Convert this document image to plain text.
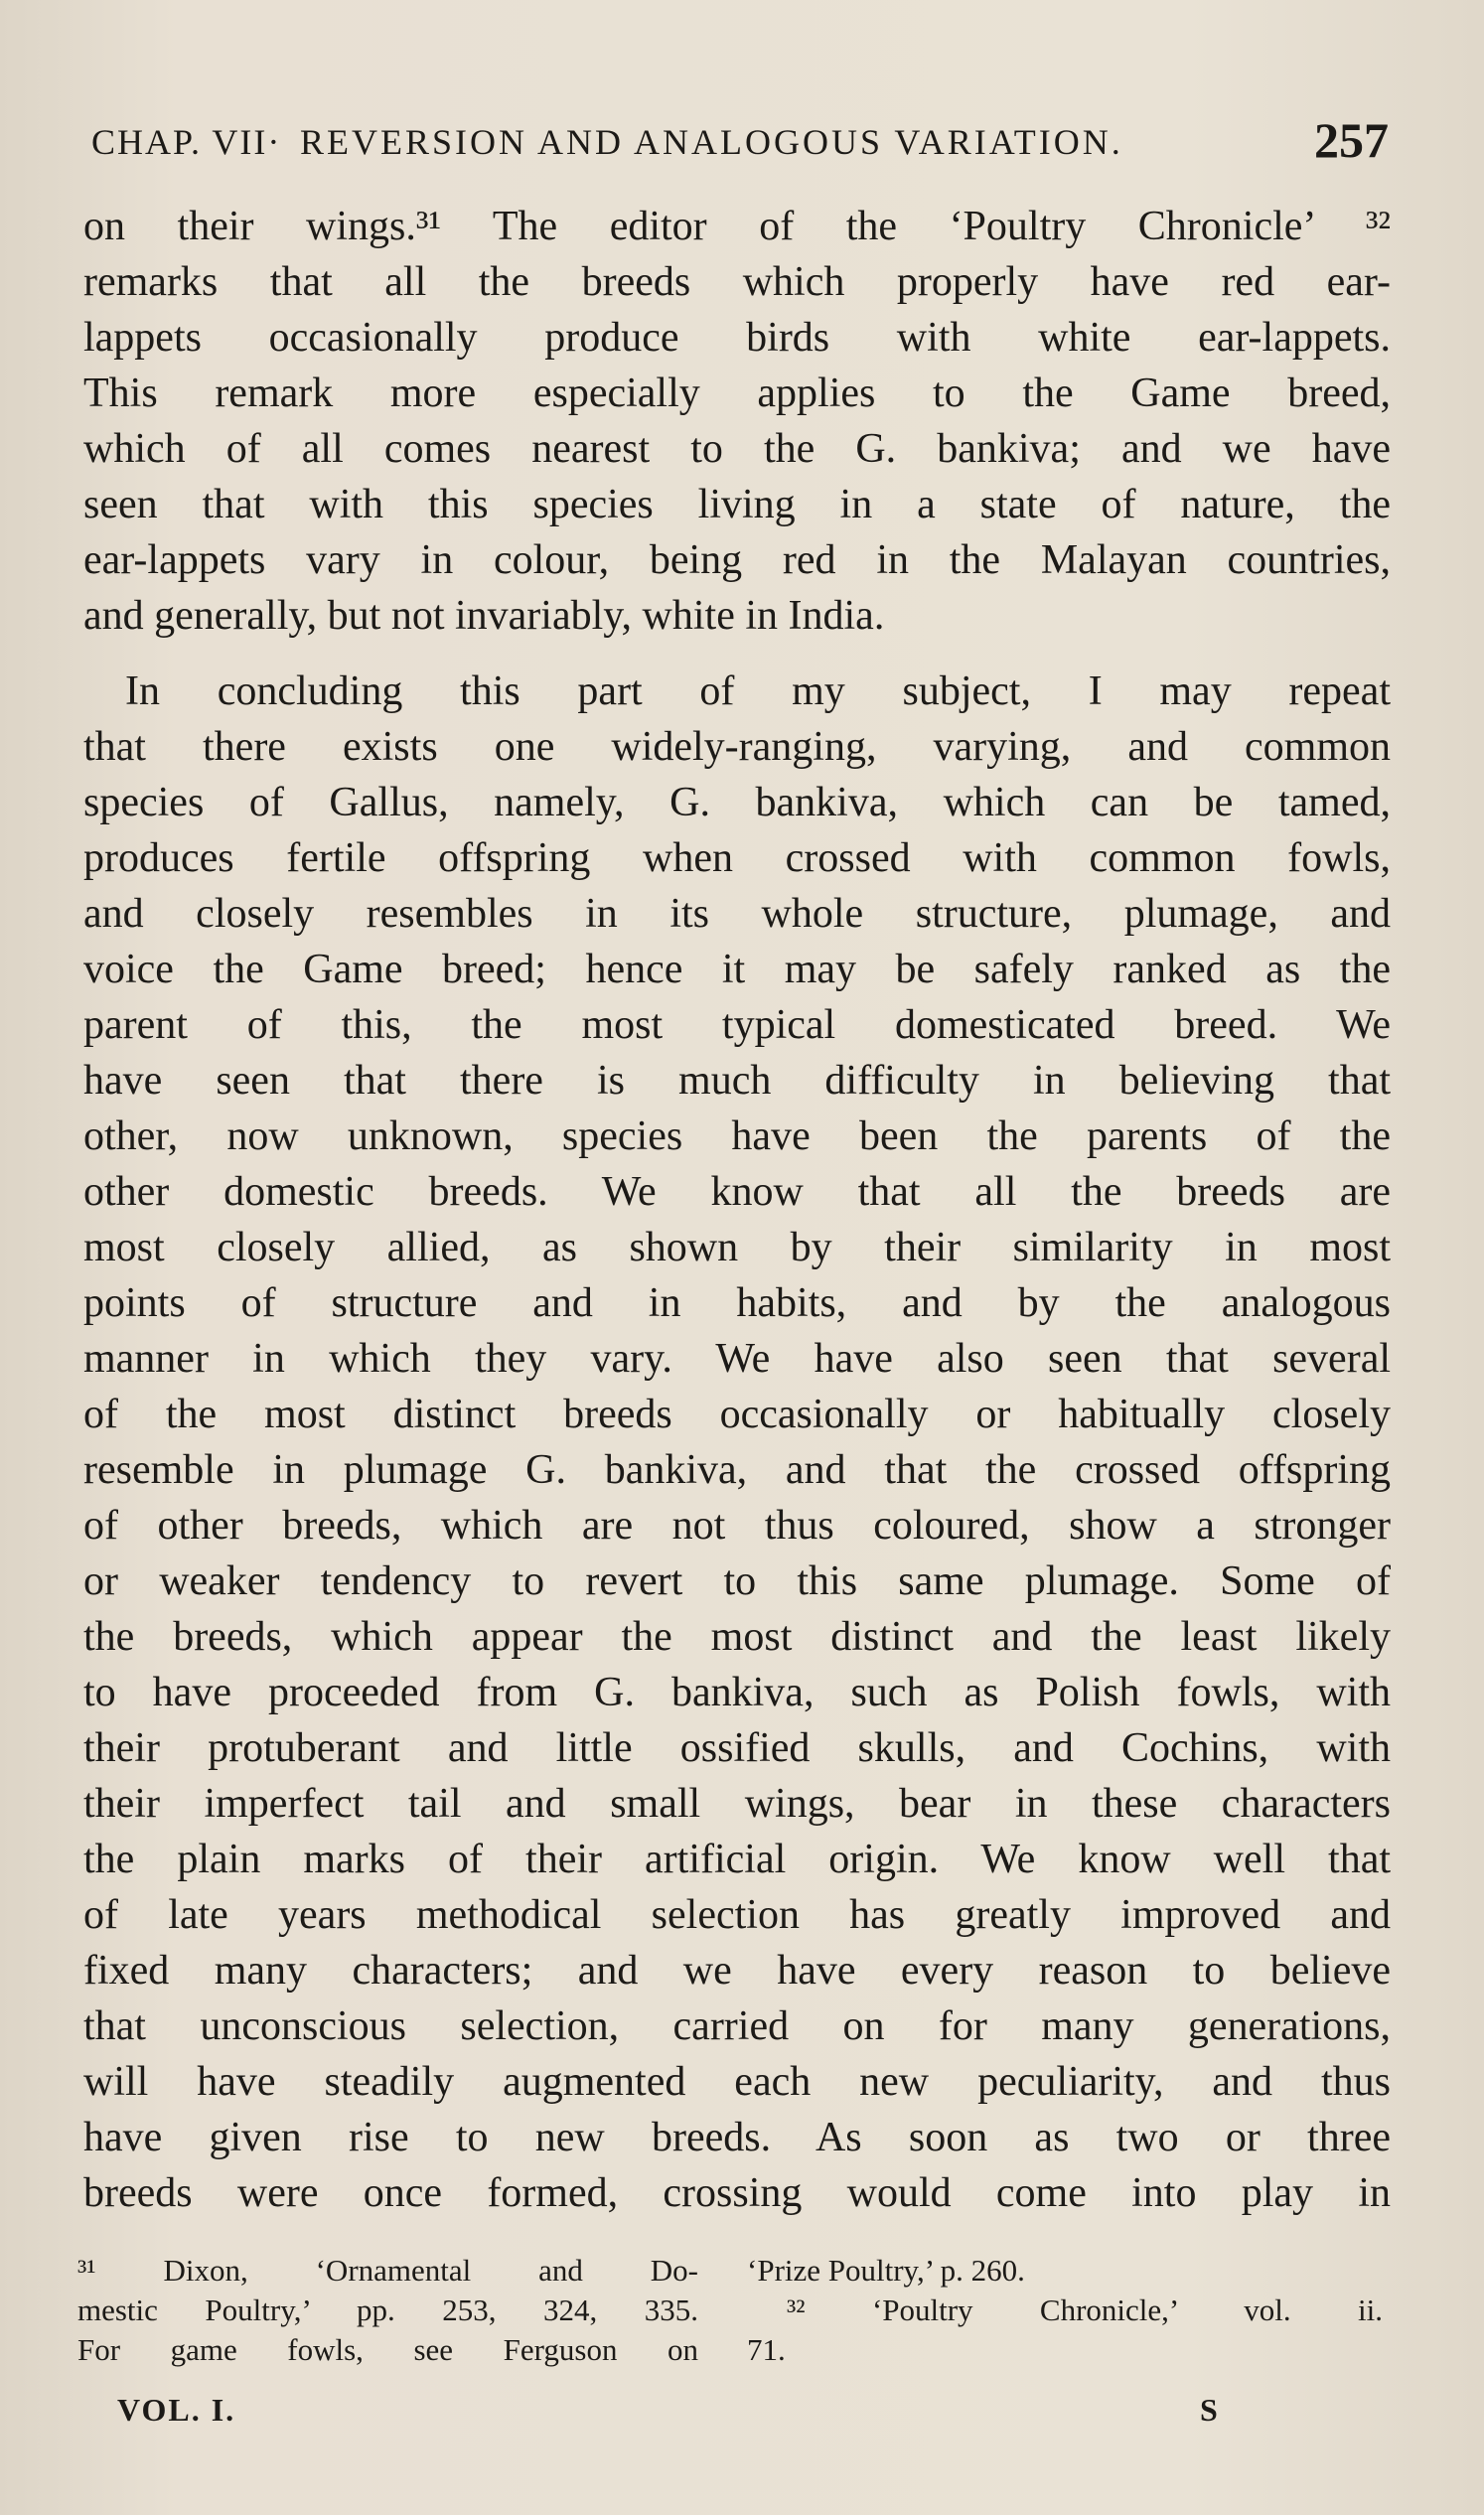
CHAP. VII· REVERSION AND ANALOGOUS VARIATION.	257
on their wings.³¹ The editor of the ‘Poultry Chronicle’ ³²
remarks that all the breeds which properly have red ear-
lappets occasionally produce birds with white ear-lappets.
This remark more especially applies to the Game breed,
which of all comes nearest to the G. bankiva; and we have
seen that with this species living in a state of nature, the
ear-lappets vary in colour, being red in the Malayan countries,
and generally, but not invariably, white in India.
In concluding this part of my subject, I may repeat
that there exists one widely-ranging, varying, and common
species of Gallus, namely, G. bankiva, which can be tamed,
produces fertile offspring when crossed with common fowls,
and closely resembles in its whole structure, plumage, and
voice the Game breed; hence it may be safely ranked as the
parent of this, the most typical domesticated breed. We
have seen that there is much difficulty in believing that
other, now unknown, species have been the parents of the
other domestic breeds. We know that all the breeds are
most closely allied, as shown by their similarity in most
points of structure and in habits, and by the analogous
manner in which they vary. We have also seen that several
of the most distinct breeds occasionally or habitually closely
resemble in plumage G. bankiva, and that the crossed offspring
of other breeds, which are not thus coloured, show a stronger
or weaker tendency to revert to this same plumage. Some of
the breeds, which appear the most distinct and the least likely
to have proceeded from G. bankiva, such as Polish fowls, with
their protuberant and little ossified skulls, and Cochins, with
their imperfect tail and small wings, bear in these characters
the plain marks of their artificial origin. We know well that
of late years methodical selection has greatly improved and
fixed many characters; and we have every reason to believe
that unconscious selection, carried on for many generations,
will have steadily augmented each new peculiarity, and thus
have given rise to new breeds. As soon as two or three
breeds were once formed, crossing would come into play in
³¹ Dixon, ‘Ornamental and Do-
mestic Poultry,’ pp. 253, 324, 335.
For game fowls, see Ferguson on
‘Prize Poultry,’ p. 260.
³² ‘Poultry Chronicle,’ vol. ii.
71.
VOL. I.	S
